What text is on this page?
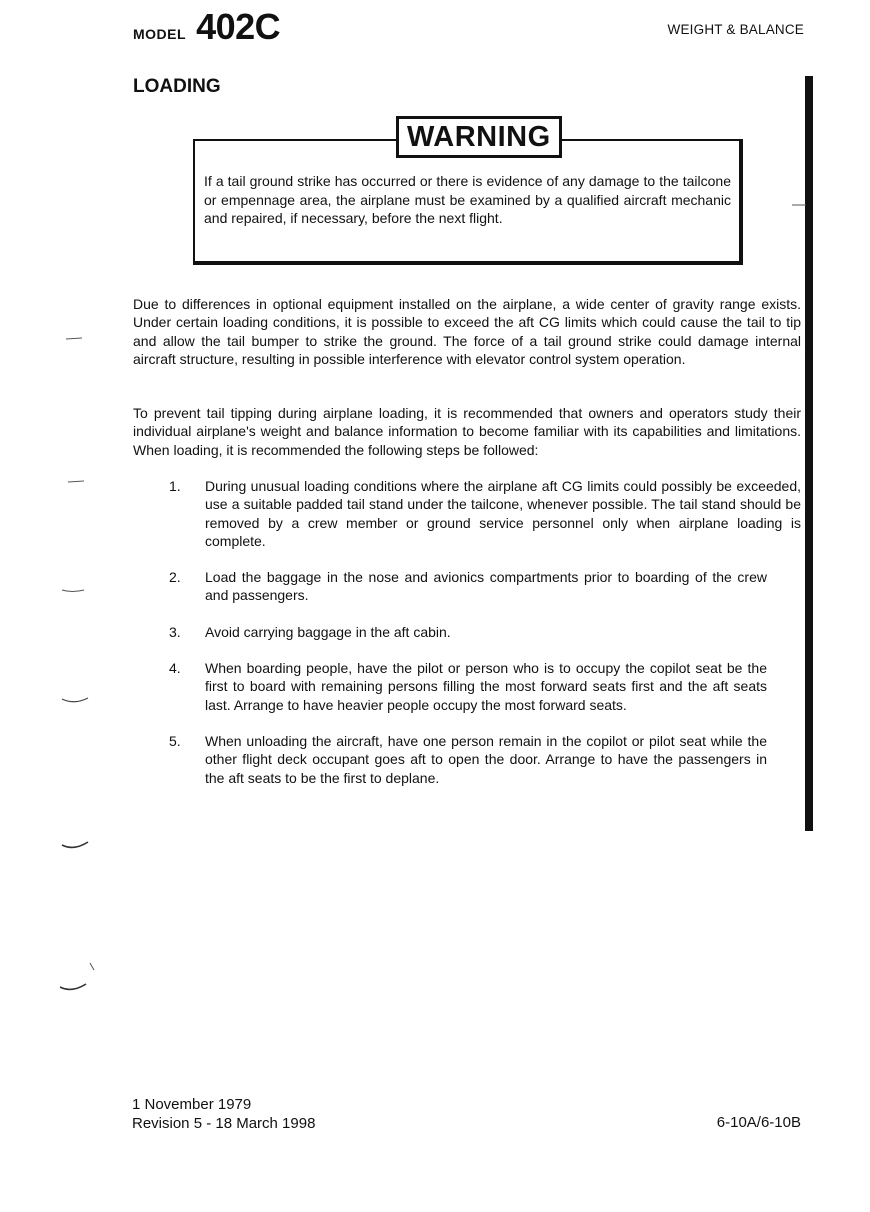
MODEL 402C	WEIGHT & BALANCE
LOADING
WARNING
If a tail ground strike has occurred or there is evidence of any damage to the tailcone or empennage area, the airplane must be examined by a qualified aircraft mechanic and repaired, if necessary, before the next flight.
Due to differences in optional equipment installed on the airplane, a wide center of gravity range exists. Under certain loading conditions, it is possible to exceed the aft CG limits which could cause the tail to tip and allow the tail bumper to strike the ground. The force of a tail ground strike could damage internal aircraft structure, resulting in possible interference with elevator control system operation.
To prevent tail tipping during airplane loading, it is recommended that owners and operators study their individual airplane's weight and balance information to become familiar with its capabilities and limitations. When loading, it is recommended the following steps be followed:
1.	During unusual loading conditions where the airplane aft CG limits could possibly be exceeded, use a suitable padded tail stand under the tailcone, whenever possible. The tail stand should be removed by a crew member or ground service personnel only when airplane loading is complete.
2.	Load the baggage in the nose and avionics compartments prior to boarding of the crew and passengers.
3.	Avoid carrying baggage in the aft cabin.
4.	When boarding people, have the pilot or person who is to occupy the copilot seat be the first to board with remaining persons filling the most forward seats first and the aft seats last. Arrange to have heavier people occupy the most forward seats.
5.	When unloading the aircraft, have one person remain in the copilot or pilot seat while the other flight deck occupant goes aft to open the door. Arrange to have the passengers in the aft seats to be the first to deplane.
1 November 1979
Revision 5 - 18 March 1998	6-10A/6-10B
